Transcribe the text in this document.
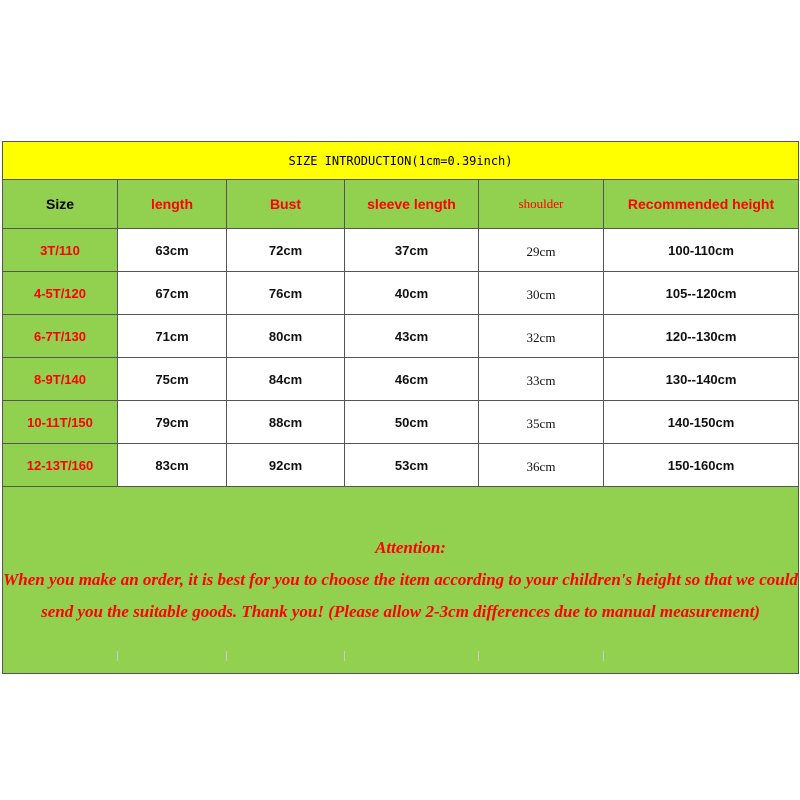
SIZE INTRODUCTION(1cm=0.39inch)					
Size	length	Bust	sleeve length	shoulder	Recommended height
3T/110	63cm	72cm	37cm	29cm	100-110cm
4-5T/120	67cm	76cm	40cm	30cm	105--120cm
6-7T/130	71cm	80cm	43cm	32cm	120--130cm
8-9T/140	75cm	84cm	46cm	33cm	130--140cm
10-11T/150	79cm	88cm	50cm	35cm	140-150cm
12-13T/160	83cm	92cm	53cm	36cm	150-160cm

Attention:
When you make an order, it is best for you to choose the item according to your children's height so that we could send you the suitable goods. Thank you! (Please allow 2-3cm differences due to manual measurement)					
